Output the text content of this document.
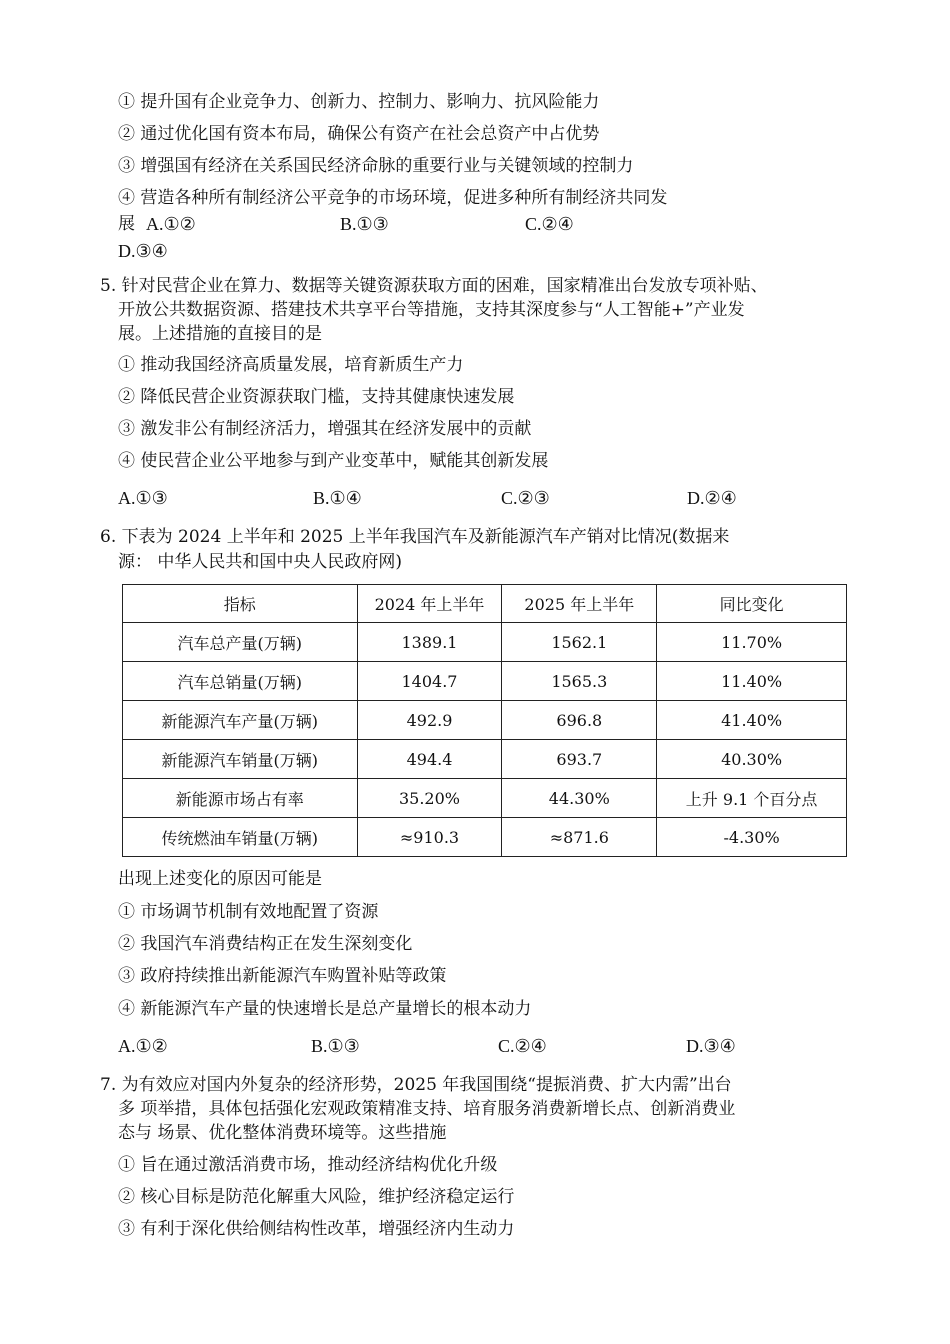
① 提升国有企业竞争力、创新力、控制力、影响力、抗风险能力
② 通过优化国有资本布局，确保公有资产在社会总资产中占优势
③ 增强国有经济在关系国民经济命脉的重要行业与关键领域的控制力
④ 营造各种所有制经济公平竞争的市场环境，促进多种所有制经济共同发
展 A.①②	B.①③	C.②④
D.③④
5. 针对民营企业在算力、数据等关键资源获取方面的困难，国家精准出台发放专项补贴、
开放公共数据资源、搭建技术共享平台等措施，支持其深度参与“人工智能+”产业发
展。上述措施的直接目的是
① 推动我国经济高质量发展，培育新质生产力
② 降低民营企业资源获取门槛，支持其健康快速发展
③ 激发非公有制经济活力，增强其在经济发展中的贡献
④ 使民营企业公平地参与到产业变革中，赋能其创新发展
A.①③	B.①④	C.②③	D.②④
6. 下表为 2024 上半年和 2025 上半年我国汽车及新能源汽车产销对比情况(数据来
源： 中华人民共和国中央人民政府网)
指标	2024 年上半年	2025 年上半年	同比变化
汽车总产量(万辆)	1389.1	1562.1	11.70%
汽车总销量(万辆)	1404.7	1565.3	11.40%
新能源汽车产量(万辆)	492.9	696.8	41.40%
新能源汽车销量(万辆)	494.4	693.7	40.30%
新能源市场占有率	35.20%	44.30%	上升 9.1 个百分点
传统燃油车销量(万辆)	≈910.3	≈871.6	-4.30%
出现上述变化的原因可能是
① 市场调节机制有效地配置了资源
② 我国汽车消费结构正在发生深刻变化
③ 政府持续推出新能源汽车购置补贴等政策
④ 新能源汽车产量的快速增长是总产量增长的根本动力
A.①②	B.①③	C.②④	D.③④
7. 为有效应对国内外复杂的经济形势，2025 年我国围绕“提振消费、扩大内需”出台
多 项举措，具体包括强化宏观政策精准支持、培育服务消费新增长点、创新消费业
态与 场景、优化整体消费环境等。这些措施
① 旨在通过激活消费市场，推动经济结构优化升级
② 核心目标是防范化解重大风险，维护经济稳定运行
③ 有利于深化供给侧结构性改革，增强经济内生动力
